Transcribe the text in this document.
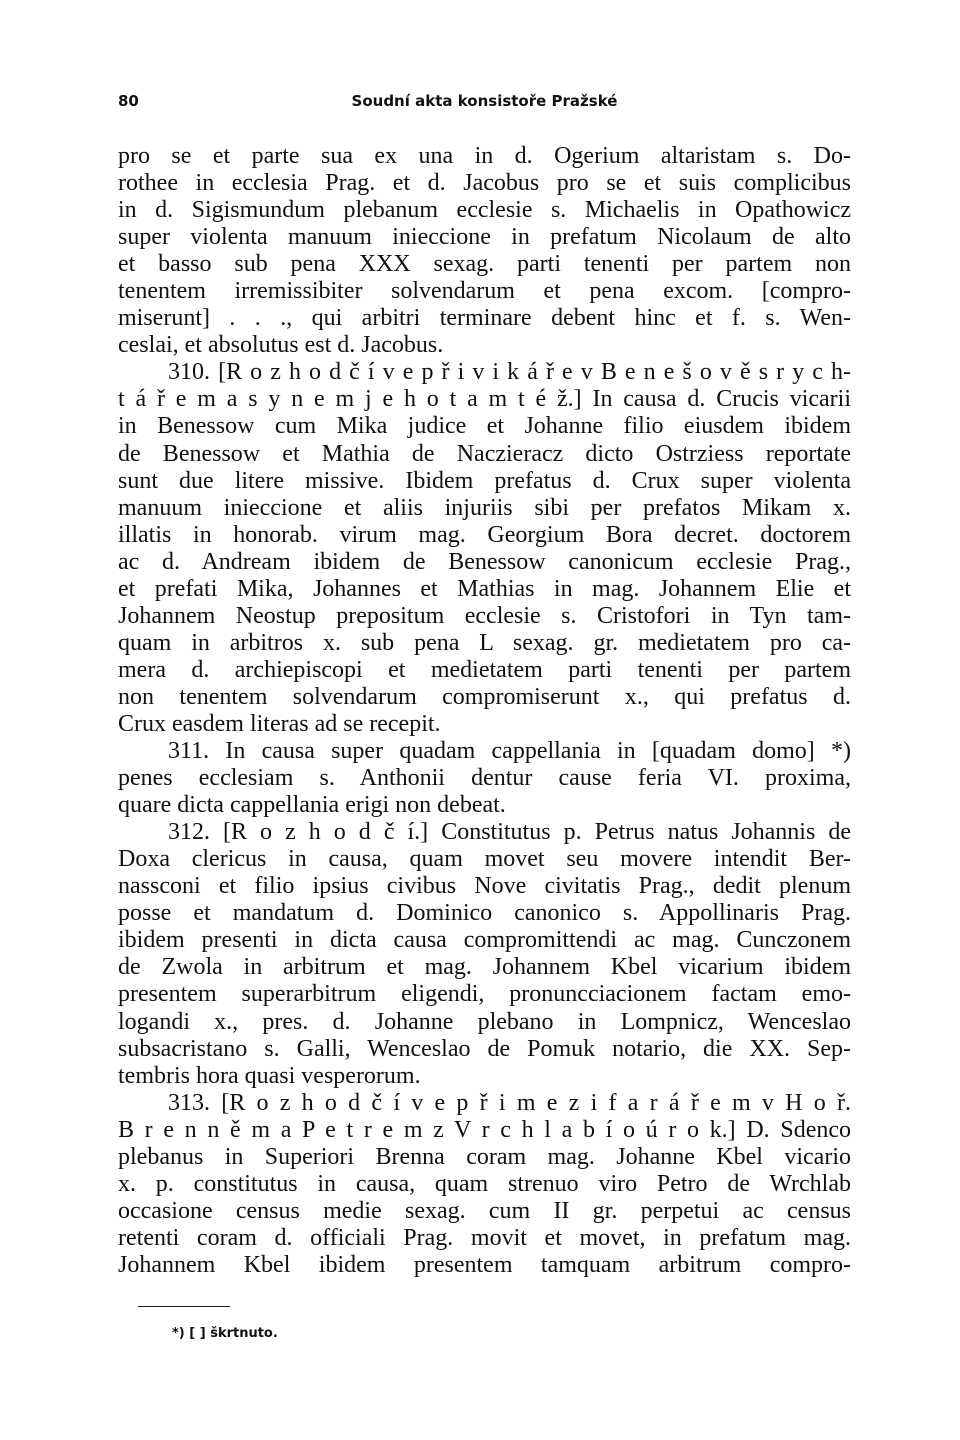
80	Soudní akta konsistoře Pražské
pro se et parte sua ex una in d. Ogerium altaristam s. Do-
rothee in ecclesia Prag. et d. Jacobus pro se et suis complicibus
in d. Sigismundum plebanum ecclesie s. Michaelis in Opathowicz
super violenta manuum inieccione in prefatum Nicolaum de alto
et basso sub pena XXX sexag. parti tenenti per partem non
tenentem irremissibiter solvendarum et pena excom. [compro-
miserunt] . . ., qui arbitri terminare debent hinc et f. s. Wen-
ceslai, et absolutus est d. Jacobus.
310. [R o z h o d č í v e p ř i v i k á ř e v B e n e š o v ě s r y c h-
t á ř e m a s y n e m j e h o t a m t é ž.] In causa d. Crucis vicarii
in Benessow cum Mika judice et Johanne filio eiusdem ibidem
de Benessow et Mathia de Naczieracz dicto Ostrziess reportate
sunt due litere missive. Ibidem prefatus d. Crux super violenta
manuum inieccione et aliis injuriis sibi per prefatos Mikam x.
illatis in honorab. virum mag. Georgium Bora decret. doctorem
ac d. Andream ibidem de Benessow canonicum ecclesie Prag.,
et prefati Mika, Johannes et Mathias in mag. Johannem Elie et
Johannem Neostup prepositum ecclesie s. Cristofori in Tyn tam-
quam in arbitros x. sub pena L sexag. gr. medietatem pro ca-
mera d. archiepiscopi et medietatem parti tenenti per partem
non tenentem solvendarum compromiserunt x., qui prefatus d.
Crux easdem literas ad se recepit.
311. In causa super quadam cappellania in [quadam domo] *)
penes ecclesiam s. Anthonii dentur cause feria VI. proxima,
quare dicta cappellania erigi non debeat.
312. [R o z h o d č í.] Constitutus p. Petrus natus Johannis de
Doxa clericus in causa, quam movet seu movere intendit Ber-
nassconi et filio ipsius civibus Nove civitatis Prag., dedit plenum
posse et mandatum d. Dominico canonico s. Appollinaris Prag.
ibidem presenti in dicta causa compromittendi ac mag. Cunczonem
de Zwola in arbitrum et mag. Johannem Kbel vicarium ibidem
presentem superarbitrum eligendi, pronuncciacionem factam emo-
logandi x., pres. d. Johanne plebano in Lompnicz, Wenceslao
subsacristano s. Galli, Wenceslao de Pomuk notario, die XX. Sep-
tembris hora quasi vesperorum.
313. [R o z h o d č í v e p ř i m e z i f a r á ř e m v H o ř.
B r e n n ě m a P e t r e m z V r c h l a b í o ú r o k.] D. Sdenco
plebanus in Superiori Brenna coram mag. Johanne Kbel vicario
x. p. constitutus in causa, quam strenuo viro Petro de Wrchlab
occasione census medie sexag. cum II gr. perpetui ac census
retenti coram d. officiali Prag. movit et movet, in prefatum mag.
Johannem Kbel ibidem presentem tamquam arbitrum compro-
*) [ ] škrtnuto.
